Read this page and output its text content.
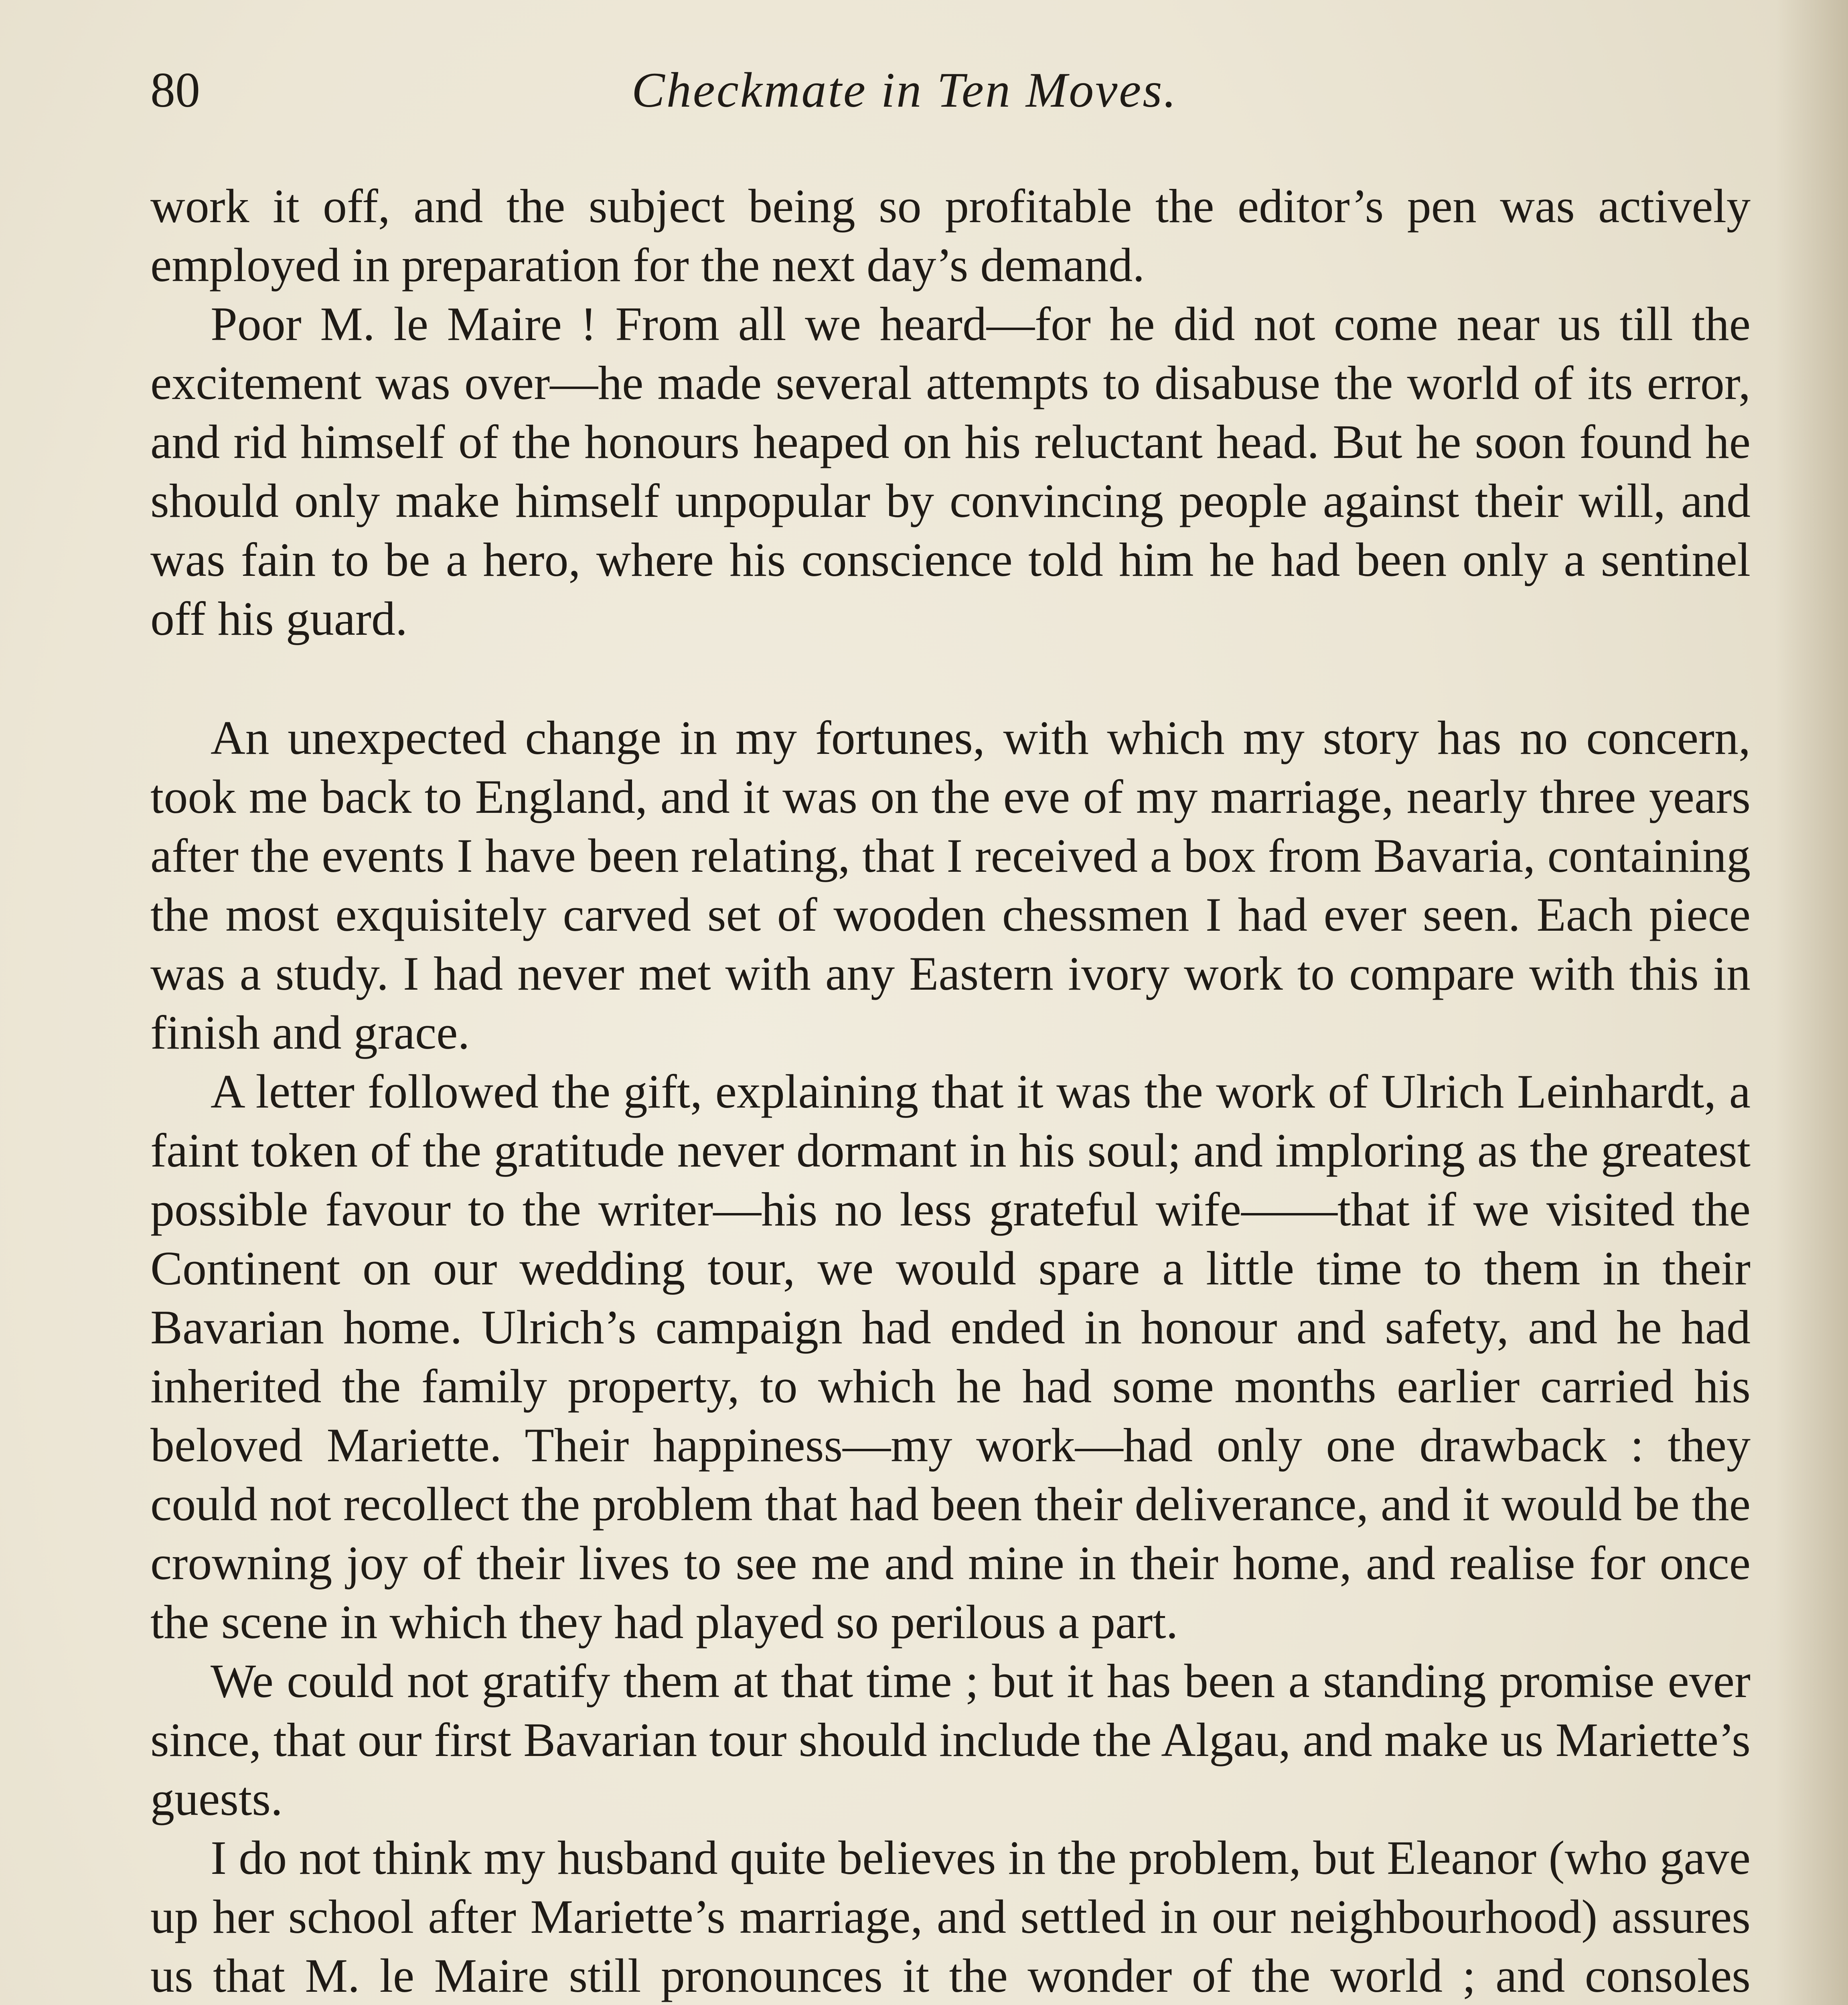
80	Checkmate in Ten Moves.

work it off, and the subject being so profitable the editor’s pen was actively employed in preparation for the next day’s demand.

Poor M. le Maire ! From all we heard—for he did not come near us till the excitement was over—he made several attempts to disabuse the world of its error, and rid himself of the honours heaped on his reluctant head. But he soon found he should only make himself unpopular by convincing people against their will, and was fain to be a hero, where his conscience told him he had been only a sentinel off his guard.

An unexpected change in my fortunes, with which my story has no concern, took me back to England, and it was on the eve of my marriage, nearly three years after the events I have been relating, that I received a box from Bavaria, containing the most exquisitely carved set of wooden chessmen I had ever seen. Each piece was a study. I had never met with any Eastern ivory work to compare with this in finish and grace.

A letter followed the gift, explaining that it was the work of Ulrich Leinhardt, a faint token of the gratitude never dormant in his soul; and imploring as the greatest possible favour to the writer—his no less grateful wife——that if we visited the Continent on our wedding tour, we would spare a little time to them in their Bavarian home. Ulrich’s campaign had ended in honour and safety, and he had inherited the family property, to which he had some months earlier carried his beloved Mariette. Their happiness—my work—had only one drawback : they could not recollect the problem that had been their deliverance, and it would be the crowning joy of their lives to see me and mine in their home, and realise for once the scene in which they had played so perilous a part.

We could not gratify them at that time ; but it has been a standing promise ever since, that our first Bavarian tour should include the Algau, and make us Mariette’s guests.

I do not think my husband quite believes in the problem, but Eleanor (who gave up her school after Mariette’s marriage, and settled in our neighbourhood) assures us that M. le Maire still pronounces it the wonder of the world ; and consoles
